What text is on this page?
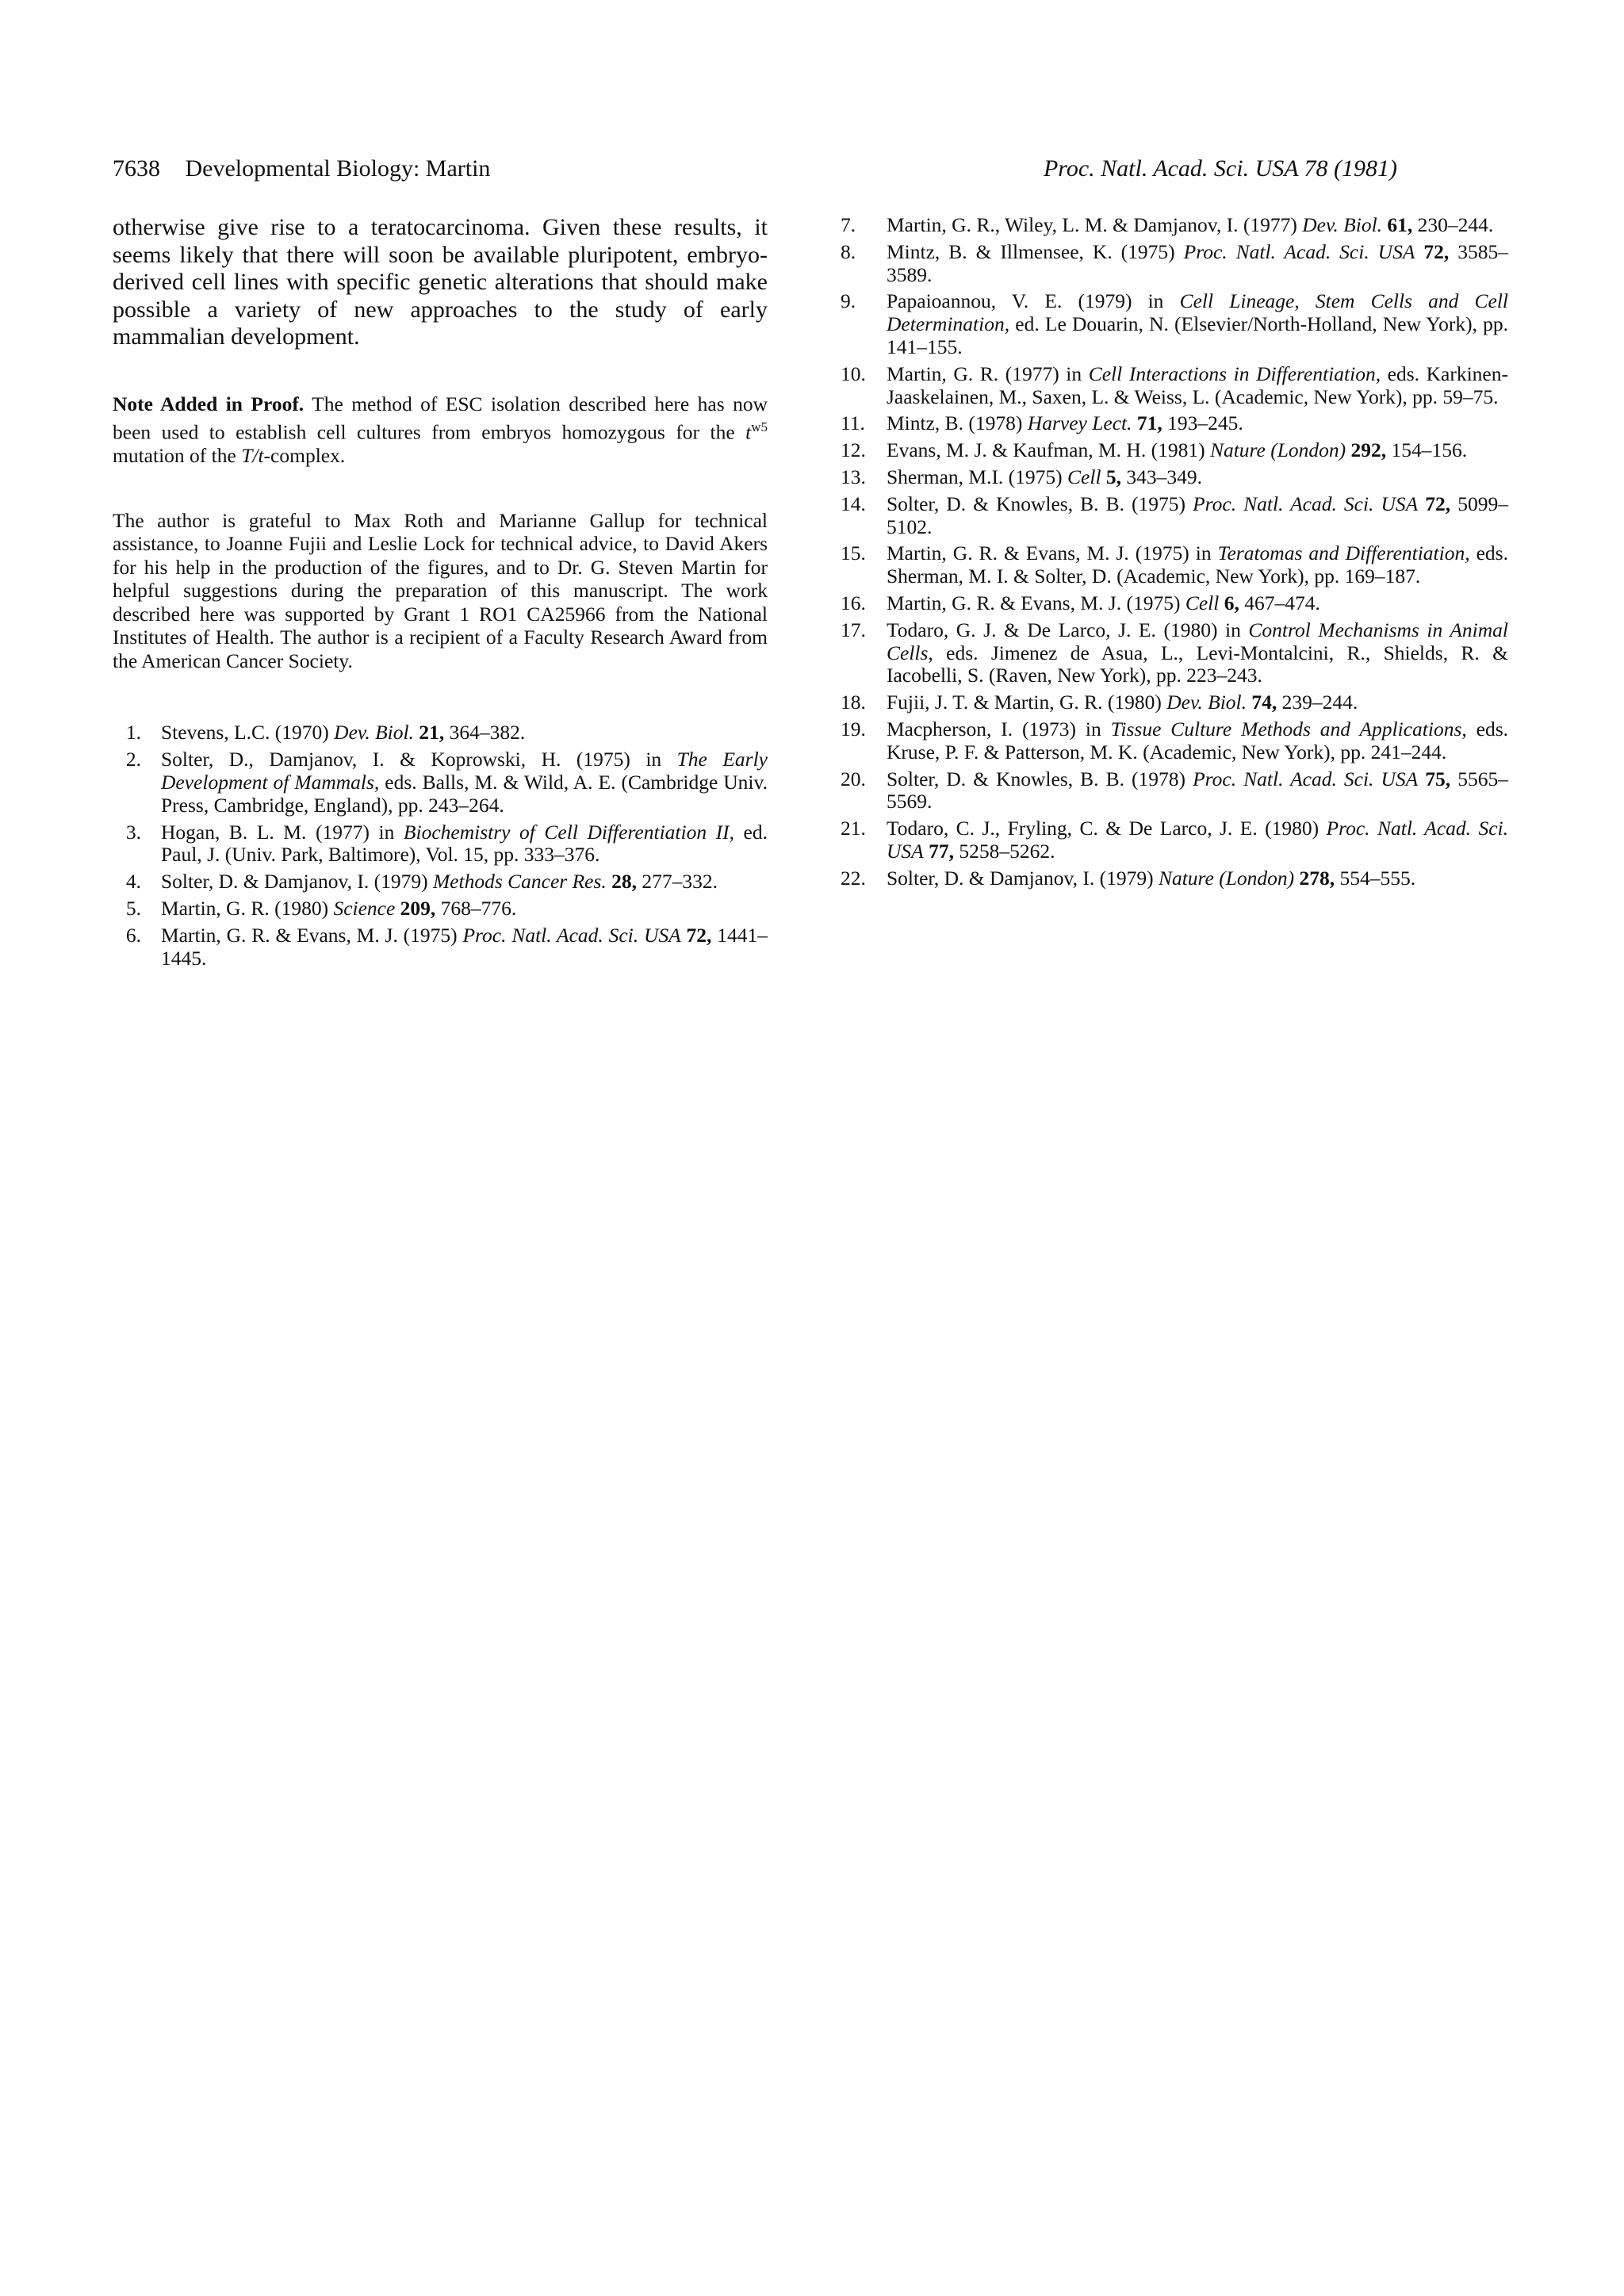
7638 Developmental Biology: Martin	Proc. Natl. Acad. Sci. USA 78 (1981)

otherwise give rise to a teratocarcinoma. Given these results, it seems likely that there will soon be available pluripotent, embryo-derived cell lines with specific genetic alterations that should make possible a variety of new approaches to the study of early mammalian development.

Note Added in Proof. The method of ESC isolation described here has now been used to establish cell cultures from embryos homozygous for the $t^{w5}$ mutation of the T/t-complex.

The author is grateful to Max Roth and Marianne Gallup for technical assistance, to Joanne Fujii and Leslie Lock for technical advice, to David Akers for his help in the production of the figures, and to Dr. G. Steven Martin for helpful suggestions during the preparation of this manuscript. The work described here was supported by Grant 1 RO1 CA25966 from the National Institutes of Health. The author is a recipient of a Faculty Research Award from the American Cancer Society.

1. Stevens, L.C. (1970) Dev. Biol. 21, 364–382.
2. Solter, D., Damjanov, I. & Koprowski, H. (1975) in The Early Development of Mammals, eds. Balls, M. & Wild, A. E. (Cambridge Univ. Press, Cambridge, England), pp. 243–264.
3. Hogan, B. L. M. (1977) in Biochemistry of Cell Differentiation II, ed. Paul, J. (Univ. Park, Baltimore), Vol. 15, pp. 333–376.
4. Solter, D. & Damjanov, I. (1979) Methods Cancer Res. 28, 277–332.
5. Martin, G. R. (1980) Science 209, 768–776.
6. Martin, G. R. & Evans, M. J. (1975) Proc. Natl. Acad. Sci. USA 72, 1441–1445.
7.	Martin, G. R., Wiley, L. M. & Damjanov, I. (1977) Dev. Biol. 61, 230–244.
8.	Mintz, B. & Illmensee, K. (1975) Proc. Natl. Acad. Sci. USA 72, 3585–3589.
9.	Papaioannou, V. E. (1979) in Cell Lineage, Stem Cells and Cell Determination, ed. Le Douarin, N. (Elsevier/North-Holland, New York), pp. 141–155.
10.	Martin, G. R. (1977) in Cell Interactions in Differentiation, eds. Karkinen-Jaaskelainen, M., Saxen, L. & Weiss, L. (Academic, New York), pp. 59–75.
11.	Mintz, B. (1978) Harvey Lect. 71, 193–245.
12.	Evans, M. J. & Kaufman, M. H. (1981) Nature (London) 292, 154–156.
13.	Sherman, M.I. (1975) Cell 5, 343–349.
14.	Solter, D. & Knowles, B. B. (1975) Proc. Natl. Acad. Sci. USA 72, 5099–5102.
15.	Martin, G. R. & Evans, M. J. (1975) in Teratomas and Differentiation, eds. Sherman, M. I. & Solter, D. (Academic, New York), pp. 169–187.
16.	Martin, G. R. & Evans, M. J. (1975) Cell 6, 467–474.
17.	Todaro, G. J. & De Larco, J. E. (1980) in Control Mechanisms in Animal Cells, eds. Jimenez de Asua, L., Levi-Montalcini, R., Shields, R. & Iacobelli, S. (Raven, New York), pp. 223–243.
18.	Fujii, J. T. & Martin, G. R. (1980) Dev. Biol. 74, 239–244.
19.	Macpherson, I. (1973) in Tissue Culture Methods and Applications, eds. Kruse, P. F. & Patterson, M. K. (Academic, New York), pp. 241–244.
20.	Solter, D. & Knowles, B. B. (1978) Proc. Natl. Acad. Sci. USA 75, 5565–5569.
21.	Todaro, C. J., Fryling, C. & De Larco, J. E. (1980) Proc. Natl. Acad. Sci. USA 77, 5258–5262.
22.	Solter, D. & Damjanov, I. (1979) Nature (London) 278, 554–555.
